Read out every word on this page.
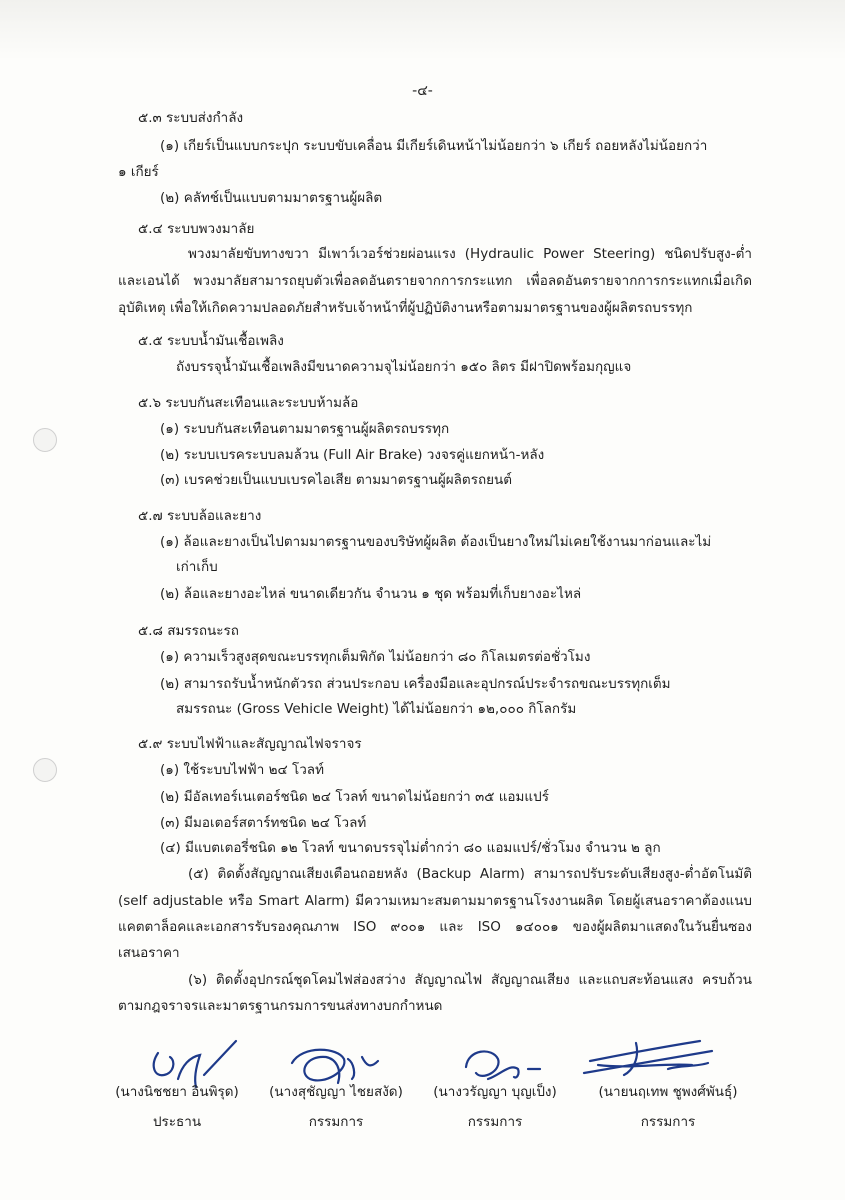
-๔-
๕.๓ ระบบส่งกำลัง
(๑) เกียร์เป็นแบบกระปุก ระบบขับเคลื่อน มีเกียร์เดินหน้าไม่น้อยกว่า ๖ เกียร์ ถอยหลังไม่น้อยกว่า
๑ เกียร์
(๒) คลัทช์เป็นแบบตามมาตรฐานผู้ผลิต
๕.๔ ระบบพวงมาลัย
พวงมาลัยขับทางขวา มีเพาว์เวอร์ช่วยผ่อนแรง (Hydraulic Power Steering) ชนิดปรับสูง-ต่ำ
และเอนได้ พวงมาลัยสามารถยุบตัวเพื่อลดอันตรายจากการกระแทก เพื่อลดอันตรายจากการกระแทกเมื่อเกิด
อุบัติเหตุ เพื่อให้เกิดความปลอดภัยสำหรับเจ้าหน้าที่ผู้ปฏิบัติงานหรือตามมาตรฐานของผู้ผลิตรถบรรทุก
๕.๕ ระบบน้ำมันเชื้อเพลิง
ถังบรรจุน้ำมันเชื้อเพลิงมีขนาดความจุไม่น้อยกว่า ๑๕๐ ลิตร มีฝาปิดพร้อมกุญแจ
๕.๖ ระบบกันสะเทือนและระบบห้ามล้อ
(๑) ระบบกันสะเทือนตามมาตรฐานผู้ผลิตรถบรรทุก
(๒) ระบบเบรคระบบลมล้วน (Full Air Brake) วงจรคู่แยกหน้า-หลัง
(๓) เบรคช่วยเป็นแบบเบรคไอเสีย ตามมาตรฐานผู้ผลิตรถยนต์
๕.๗ ระบบล้อและยาง
(๑) ล้อและยางเป็นไปตามมาตรฐานของบริษัทผู้ผลิต ต้องเป็นยางใหม่ไม่เคยใช้งานมาก่อนและไม่
เก่าเก็บ
(๒) ล้อและยางอะไหล่ ขนาดเดียวกัน จำนวน ๑ ชุด พร้อมที่เก็บยางอะไหล่
๕.๘ สมรรถนะรถ
(๑) ความเร็วสูงสุดขณะบรรทุกเต็มพิกัด ไม่น้อยกว่า ๘๐ กิโลเมตรต่อชั่วโมง
(๒) สามารถรับน้ำหนักตัวรถ ส่วนประกอบ เครื่องมือและอุปกรณ์ประจำรถขณะบรรทุกเต็ม
สมรรถนะ (Gross Vehicle Weight) ได้ไม่น้อยกว่า ๑๒,๐๐๐ กิโลกรัม
๕.๙ ระบบไฟฟ้าและสัญญาณไฟจราจร
(๑) ใช้ระบบไฟฟ้า ๒๔ โวลท์
(๒) มีอัลเทอร์เนเตอร์ชนิด ๒๔ โวลท์ ขนาดไม่น้อยกว่า ๓๕ แอมแปร์
(๓) มีมอเตอร์สตาร์ทชนิด ๒๔ โวลท์
(๔) มีแบตเตอรี่ชนิด ๑๒ โวลท์ ขนาดบรรจุไม่ต่ำกว่า ๘๐ แอมแปร์/ชั่วโมง จำนวน ๒ ลูก
(๕) ติดตั้งสัญญาณเสียงเตือนถอยหลัง (Backup Alarm) สามารถปรับระดับเสียงสูง-ต่ำอัตโนมัติ
(self adjustable หรือ Smart Alarm) มีความเหมาะสมตามมาตรฐานโรงงานผลิต โดยผู้เสนอราคาต้องแนบ
แคตตาล็อคและเอกสารรับรองคุณภาพ ISO ๙๐๐๑ และ ISO ๑๔๐๐๑ ของผู้ผลิตมาแสดงในวันยื่นซอง
เสนอราคา
(๖) ติดตั้งอุปกรณ์ชุดโคมไฟส่องสว่าง สัญญาณไฟ สัญญาณเสียง และแถบสะท้อนแสง ครบถ้วน
ตามกฎจราจรและมาตรฐานกรมการขนส่งทางบกกำหนด
(นางนิชชยา อินพิรุด)
ประธาน
(นางสุชัญญา ไชยสงัด)
กรรมการ
(นางวรัญญา บุญเป็ง)
กรรมการ
(นายนฤเทพ ชูพงศ์พันธุ์)
กรรมการ
